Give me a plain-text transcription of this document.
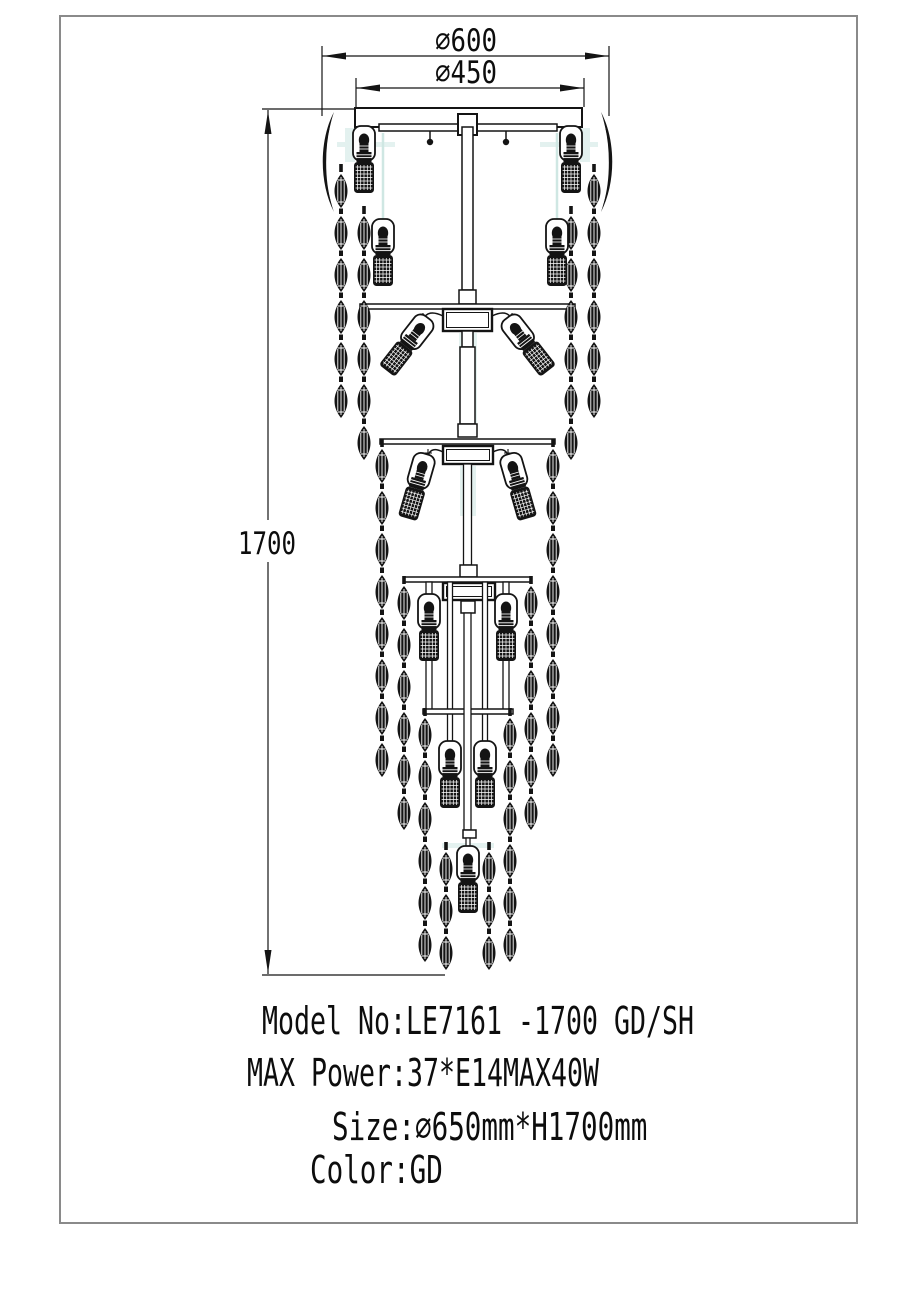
⌀600
⌀450
1700
Model No:LE7161 -1700 GD/SH
MAX Power:37*E14MAX40W
Size:⌀650mm*H1700mm
Color:GD
